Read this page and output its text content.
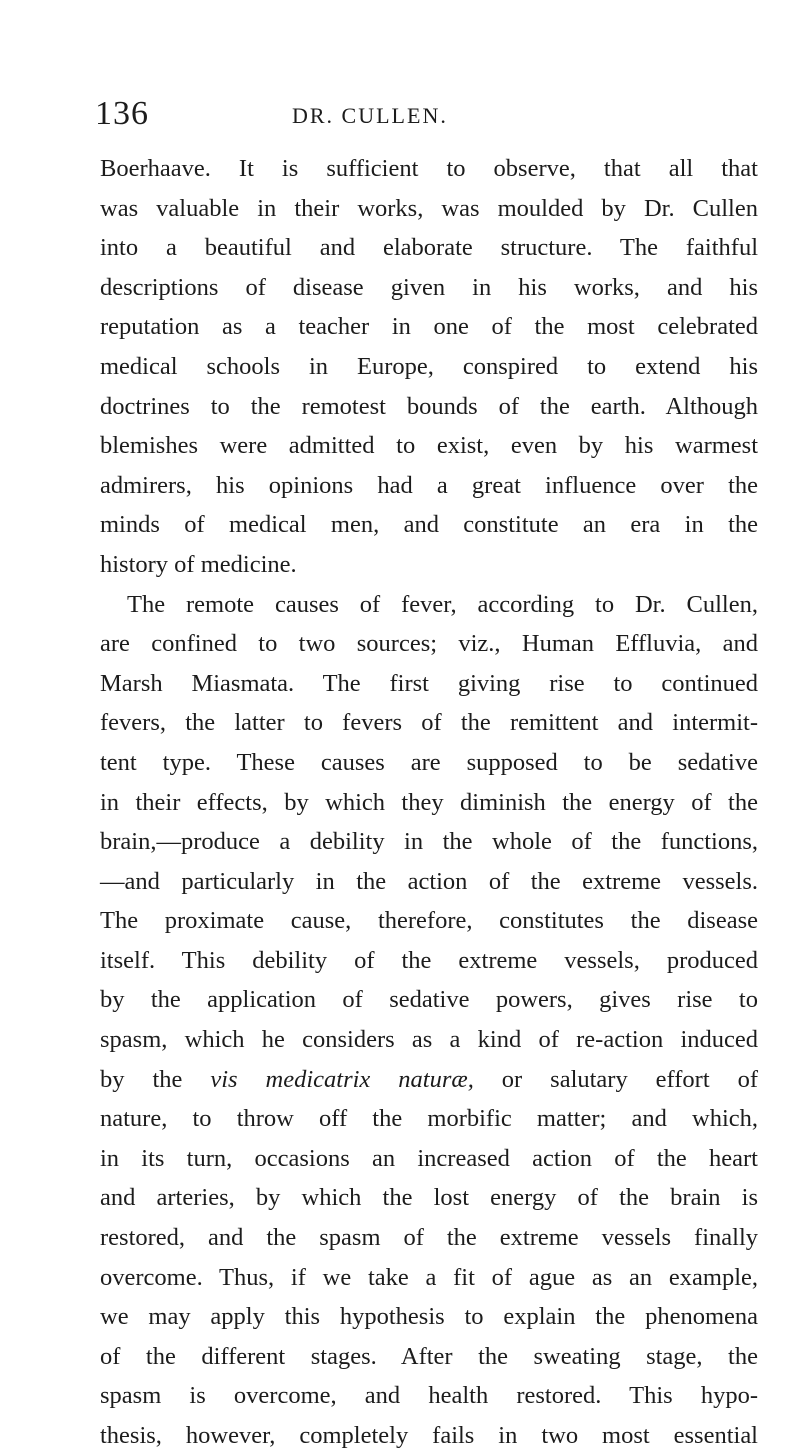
136	DR. CULLEN.
Boerhaave. It is sufficient to observe, that all that
was valuable in their works, was moulded by Dr. Cullen
into a beautiful and elaborate structure. The faithful
descriptions of disease given in his works, and his
reputation as a teacher in one of the most celebrated
medical schools in Europe, conspired to extend his
doctrines to the remotest bounds of the earth. Although
blemishes were admitted to exist, even by his warmest
admirers, his opinions had a great influence over the
minds of medical men, and constitute an era in the
history of medicine.
The remote causes of fever, according to Dr. Cullen,
are confined to two sources; viz., Human Effluvia, and
Marsh Miasmata. The first giving rise to continued
fevers, the latter to fevers of the remittent and intermit-
tent type. These causes are supposed to be sedative
in their effects, by which they diminish the energy of the
brain,—produce a debility in the whole of the functions,
—and particularly in the action of the extreme vessels.
The proximate cause, therefore, constitutes the disease
itself. This debility of the extreme vessels, produced
by the application of sedative powers, gives rise to
spasm, which he considers as a kind of re-action induced
by the vis medicatrix naturæ, or salutary effort of
nature, to throw off the morbific matter; and which,
in its turn, occasions an increased action of the heart
and arteries, by which the lost energy of the brain is
restored, and the spasm of the extreme vessels finally
overcome. Thus, if we take a fit of ague as an example,
we may apply this hypothesis to explain the phenomena
of the different stages. After the sweating stage, the
spasm is overcome, and health restored. This hypo-
thesis, however, completely fails in two most essential
